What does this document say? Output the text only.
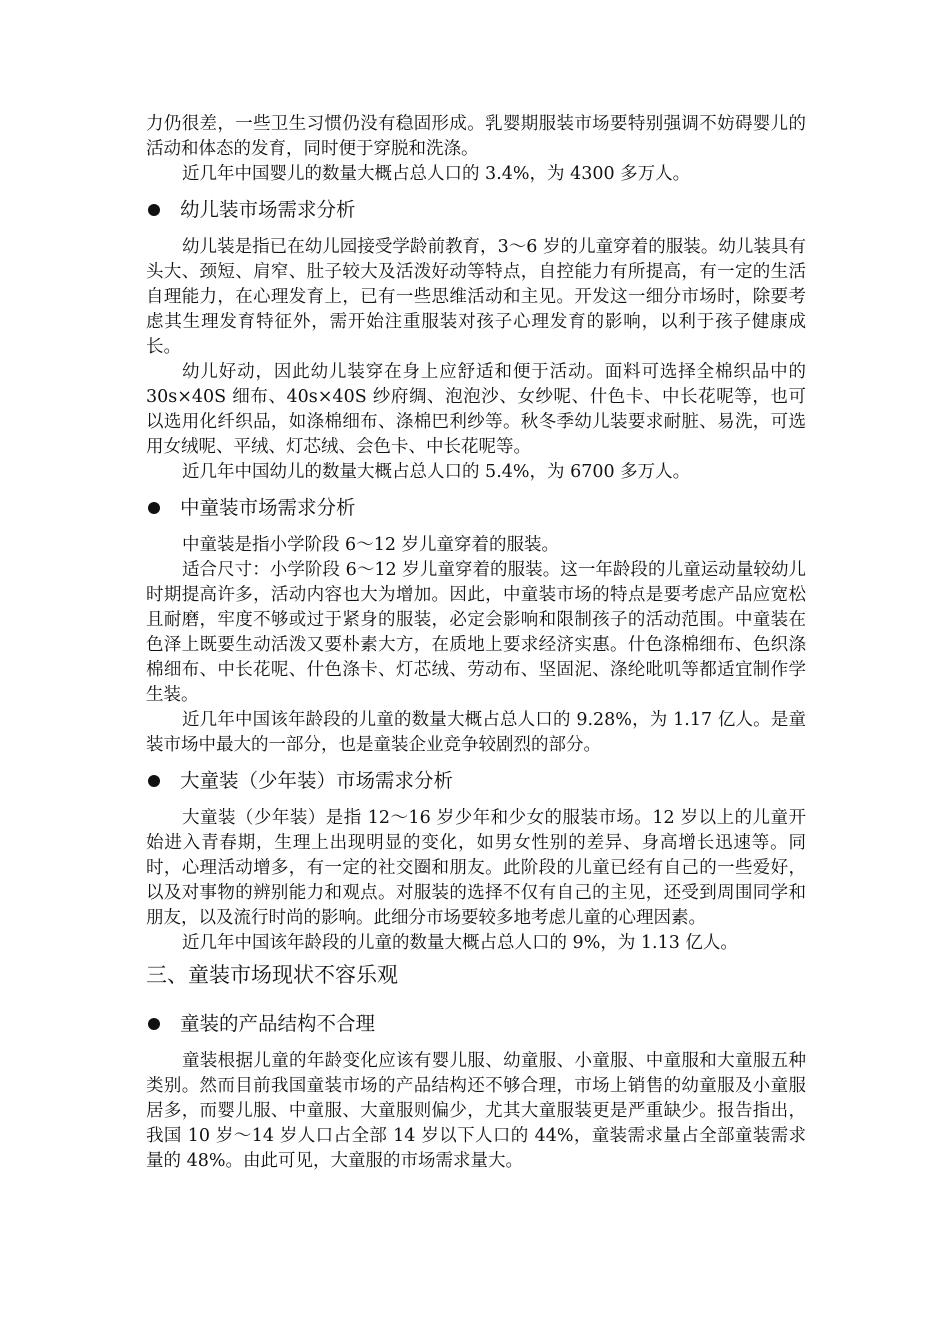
力仍很差，一些卫生习惯仍没有稳固形成。乳婴期服装市场要特别强调不妨碍婴儿的活动和体态的发育，同时便于穿脱和洗涤。

近几年中国婴儿的数量大概占总人口的 3.4%，为 4300 多万人。

幼儿装市场需求分析

幼儿装是指已在幼儿园接受学龄前教育，3～6 岁的儿童穿着的服装。幼儿装具有头大、颈短、肩窄、肚子较大及活泼好动等特点，自控能力有所提高，有一定的生活自理能力，在心理发育上，已有一些思维活动和主见。开发这一细分市场时，除要考虑其生理发育特征外，需开始注重服装对孩子心理发育的影响，以利于孩子健康成长。

幼儿好动，因此幼儿装穿在身上应舒适和便于活动。面料可选择全棉织品中的 30s×40S 细布、40s×40S 纱府绸、泡泡沙、女纱呢、什色卡、中长花呢等，也可以选用化纤织品，如涤棉细布、涤棉巴利纱等。秋冬季幼儿装要求耐脏、易洗，可选用女绒呢、平绒、灯芯绒、会色卡、中长花呢等。

近几年中国幼儿的数量大概占总人口的 5.4%，为 6700 多万人。

中童装市场需求分析

中童装是指小学阶段 6～12 岁儿童穿着的服装。

适合尺寸：小学阶段 6～12 岁儿童穿着的服装。这一年龄段的儿童运动量较幼儿时期提高许多，活动内容也大为增加。因此，中童装市场的特点是要考虑产品应宽松且耐磨，牢度不够或过于紧身的服装，必定会影响和限制孩子的活动范围。中童装在色泽上既要生动活泼又要朴素大方，在质地上要求经济实惠。什色涤棉细布、色织涤棉细布、中长花呢、什色涤卡、灯芯绒、劳动布、坚固泥、涤纶吡叽等都适宜制作学生装。

近几年中国该年龄段的儿童的数量大概占总人口的 9.28%，为 1.17 亿人。是童装市场中最大的一部分，也是童装企业竞争较剧烈的部分。

大童装（少年装）市场需求分析

大童装（少年装）是指 12～16 岁少年和少女的服装市场。12 岁以上的儿童开始进入青春期，生理上出现明显的变化，如男女性别的差异、身高增长迅速等。同时，心理活动增多，有一定的社交圈和朋友。此阶段的儿童已经有自己的一些爱好，以及对事物的辨别能力和观点。对服装的选择不仅有自己的主见，还受到周围同学和朋友，以及流行时尚的影响。此细分市场要较多地考虑儿童的心理因素。

近几年中国该年龄段的儿童的数量大概占总人口的 9%，为 1.13 亿人。

三、童装市场现状不容乐观
童装的产品结构不合理

童装根据儿童的年龄变化应该有婴儿服、幼童服、小童服、中童服和大童服五种类别。然而目前我国童装市场的产品结构还不够合理，市场上销售的幼童服及小童服居多，而婴儿服、中童服、大童服则偏少，尤其大童服装更是严重缺少。报告指出，我国 10 岁～14 岁人口占全部 14 岁以下人口的 44%，童装需求量占全部童装需求量的 48%。由此可见，大童服的市场需求量大。
